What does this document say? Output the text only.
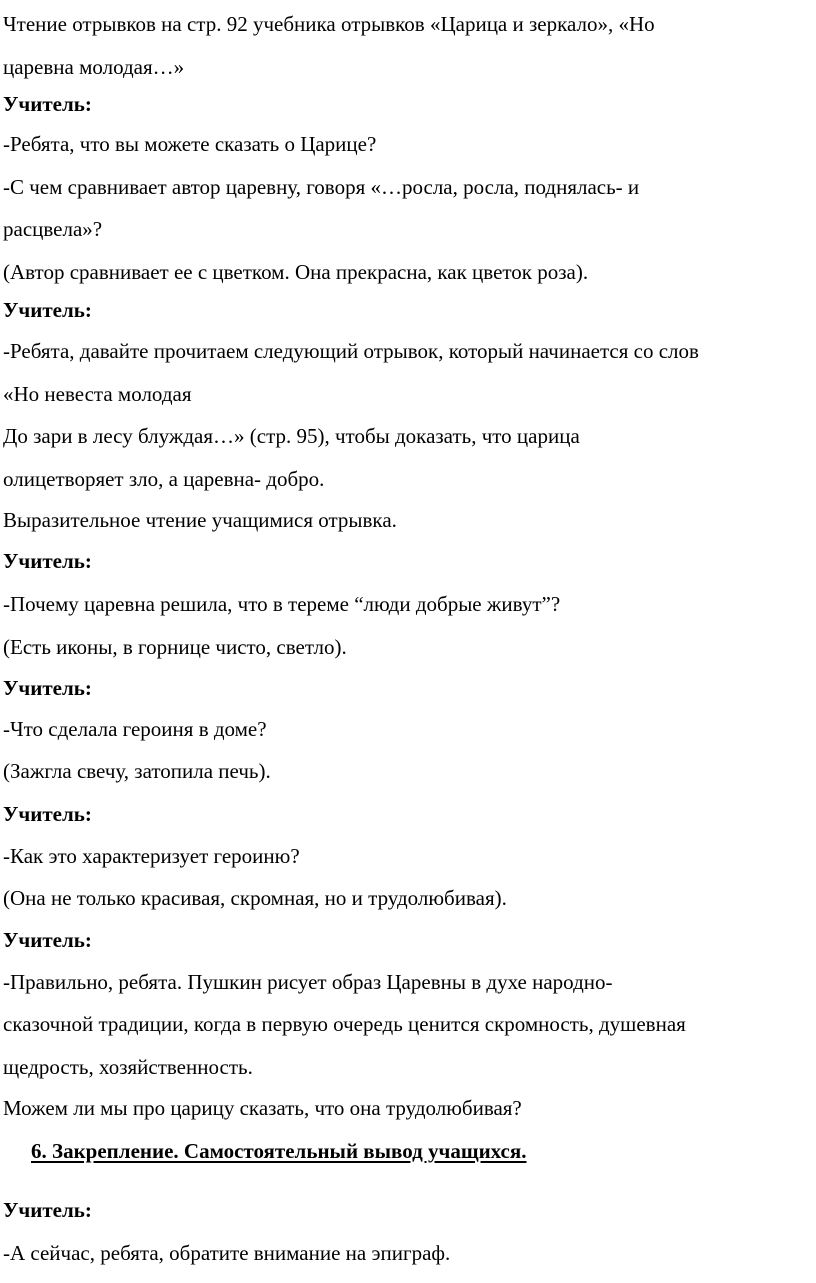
Чтение отрывков на стр. 92 учебника отрывков «Царица и зеркало», «Но
царевна молодая…»
Учитель:
-Ребята, что вы можете сказать о Царице?
-С чем сравнивает автор царевну, говоря «…росла, росла, поднялась- и
расцвела»?
(Автор сравнивает ее с цветком. Она прекрасна, как цветок роза).
Учитель:
-Ребята, давайте прочитаем следующий отрывок, который начинается со слов
«Но невеста молодая
До зари в лесу блуждая…» (стр. 95), чтобы доказать, что царица
олицетворяет зло, а царевна- добро.
Выразительное чтение учащимися отрывка.
Учитель:
-Почему царевна решила, что в тереме “люди добрые живут”?
(Есть иконы, в горнице чисто, светло).
Учитель:
-Что сделала героиня в доме?
(Зажгла свечу, затопила печь).
Учитель:
-Как это характеризует героиню?
(Она не только красивая, скромная, но и трудолюбивая).
Учитель:
-Правильно, ребята. Пушкин рисует образ Царевны в духе народно-
сказочной традиции, когда в первую очередь ценится скромность, душевная
щедрость, хозяйственность.
Можем ли мы про царицу сказать, что она трудолюбивая?
6. Закрепление. Самостоятельный вывод учащихся.
Учитель:
-А сейчас, ребята, обратите внимание на эпиграф.
